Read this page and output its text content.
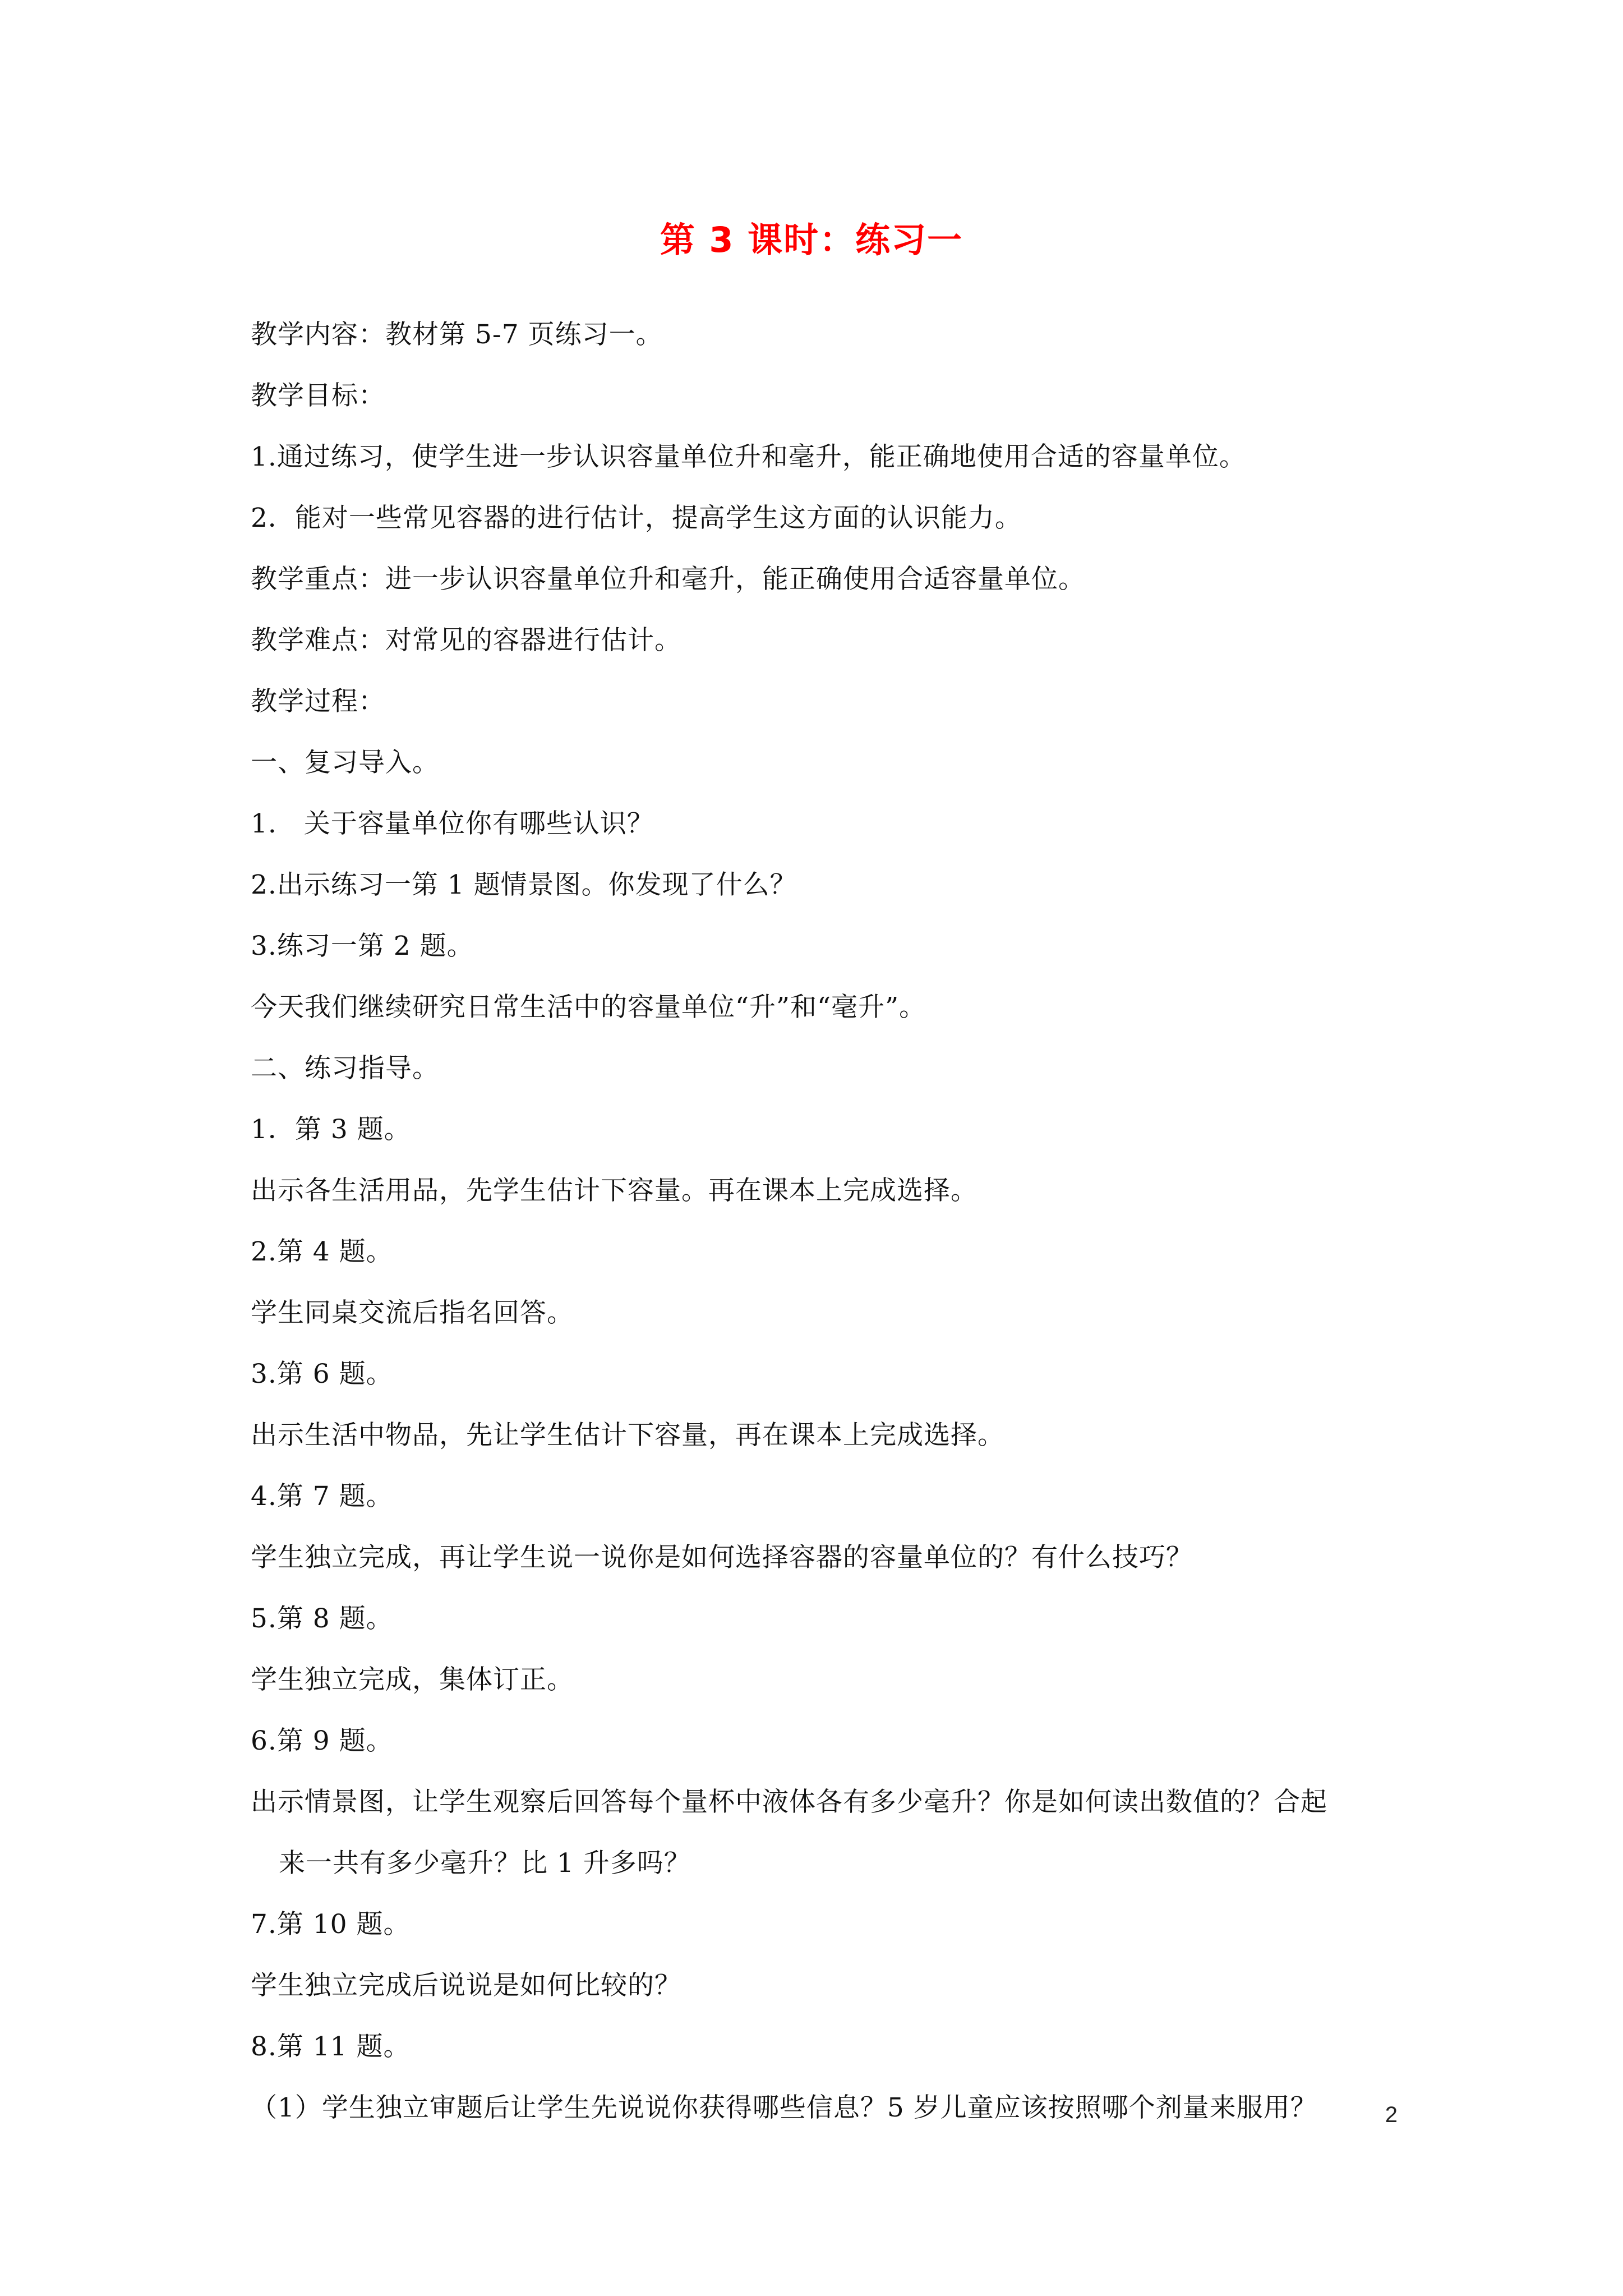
第 3 课时：练习一
教学内容：教材第 5-7 页练习一。
教学目标：
1.通过练习，使学生进一步认识容量单位升和毫升，能正确地使用合适的容量单位。
2．能对一些常见容器的进行估计，提高学生这方面的认识能力。
教学重点：进一步认识容量单位升和毫升，能正确使用合适容量单位。
教学难点：对常见的容器进行估计。
教学过程：
一、复习导入。
1.　关于容量单位你有哪些认识？
2.出示练习一第 1 题情景图。你发现了什么？
3.练习一第 2 题。
今天我们继续研究日常生活中的容量单位“升”和“毫升”。
二、练习指导。
1．第 3 题。
出示各生活用品，先学生估计下容量。再在课本上完成选择。
2.第 4 题。
学生同桌交流后指名回答。
3.第 6 题。
出示生活中物品，先让学生估计下容量，再在课本上完成选择。
4.第 7 题。
学生独立完成，再让学生说一说你是如何选择容器的容量单位的？有什么技巧？
5.第 8 题。
学生独立完成，集体订正。
6.第 9 题。
出示情景图，让学生观察后回答每个量杯中液体各有多少毫升？你是如何读出数值的？合起
来一共有多少毫升？比 1 升多吗？
7.第 10 题。
学生独立完成后说说是如何比较的？
8.第 11 题。
（1）学生独立审题后让学生先说说你获得哪些信息？5 岁儿童应该按照哪个剂量来服用？	2
